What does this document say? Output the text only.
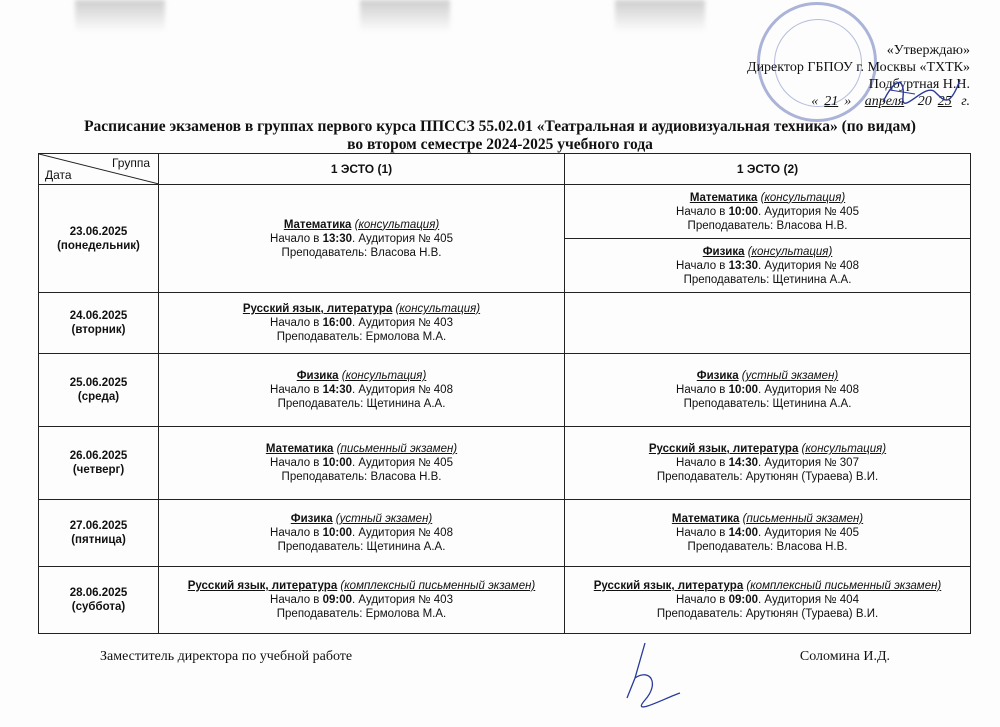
«Утверждаю»
Директор ГБПОУ г. Москвы «ТХТК»
Подбуртная Н.Н.
« 21 » апреля 20 25 г.
Расписание экзаменов в группах первого курса ППССЗ 55.02.01 «Театральная и аудиовизуальная техника» (по видам)
во втором семестре 2024-2025 учебного года
Группа
Дата	1 ЭСТО (1)	1 ЭСТО (2)
23.06.2025
(понедельник)	Математика (консультация)
Начало в 13:30. Аудитория № 405
Преподаватель: Власова Н.В.	Математика (консультация)
Начало в 10:00. Аудитория № 405
Преподаватель: Власова Н.В.

		Физика (консультация)
Начало в 13:30. Аудитория № 408
Преподаватель: Щетинина А.А.

24.06.2025
(вторник)	Русский язык, литература (консультация)
Начало в 16:00. Аудитория № 403
Преподаватель: Ермолова М.А.	

25.06.2025
(среда)	Физика (консультация)
Начало в 14:30. Аудитория № 408
Преподаватель: Щетинина А.А.	Физика (устный экзамен)
Начало в 10:00. Аудитория № 408
Преподаватель: Щетинина А.А.

26.06.2025
(четверг)	Математика (письменный экзамен)
Начало в 10:00. Аудитория № 405
Преподаватель: Власова Н.В.	Русский язык, литература (консультация)
Начало в 14:30. Аудитория № 307
Преподаватель: Арутюнян (Тураева) В.И.

27.06.2025
(пятница)	Физика (устный экзамен)
Начало в 10:00. Аудитория № 408
Преподаватель: Щетинина А.А.	Математика (письменный экзамен)
Начало в 14:00. Аудитория № 405
Преподаватель: Власова Н.В.

28.06.2025
(суббота)	Русский язык, литература (комплексный письменный экзамен)
Начало в 09:00. Аудитория № 403
Преподаватель: Ермолова М.А.	Русский язык, литература (комплексный письменный экзамен)
Начало в 09:00. Аудитория № 404
Преподаватель: Арутюнян (Тураева) В.И.
Заместитель директора по учебной работе	Соломина И.Д.
